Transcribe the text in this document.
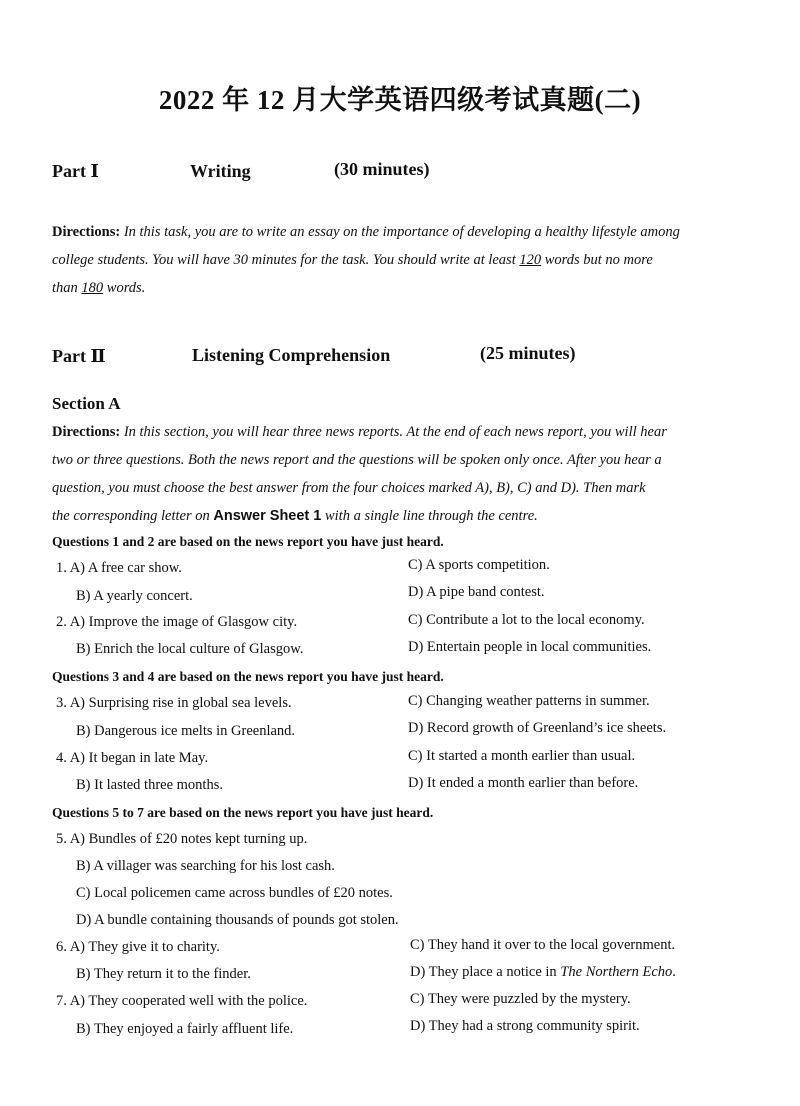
2022 年 12 月大学英语四级考试真题(二)
Part Ⅰ	Writing	(30 minutes)
Directions: In this task, you are to write an essay on the importance of developing a healthy lifestyle among
college students. You will have 30 minutes for the task. You should write at least 120 words but no more
than 180 words.
Part Ⅱ	Listening Comprehension	(25 minutes)
Section A
Directions: In this section, you will hear three news reports. At the end of each news report, you will hear
two or three questions. Both the news report and the questions will be spoken only once. After you hear a
question, you must choose the best answer from the four choices marked A), B), C) and D). Then mark
the corresponding letter on Answer Sheet 1 with a single line through the centre.
Questions 1 and 2 are based on the news report you have just heard.
1. A) A free car show.	C) A sports competition.
B) A yearly concert.	D) A pipe band contest.
2. A) Improve the image of Glasgow city.	C) Contribute a lot to the local economy.
B) Enrich the local culture of Glasgow.	D) Entertain people in local communities.
Questions 3 and 4 are based on the news report you have just heard.
3. A) Surprising rise in global sea levels.	C) Changing weather patterns in summer.
B) Dangerous ice melts in Greenland.	D) Record growth of Greenland’s ice sheets.
4. A) It began in late May.	C) It started a month earlier than usual.
B) It lasted three months.	D) It ended a month earlier than before.
Questions 5 to 7 are based on the news report you have just heard.
5. A) Bundles of £20 notes kept turning up.
B) A villager was searching for his lost cash.
C) Local policemen came across bundles of £20 notes.
D) A bundle containing thousands of pounds got stolen.
6. A) They give it to charity.	C) They hand it over to the local government.
B) They return it to the finder.	D) They place a notice in The Northern Echo.
7. A) They cooperated well with the police.	C) They were puzzled by the mystery.
B) They enjoyed a fairly affluent life.	D) They had a strong community spirit.
